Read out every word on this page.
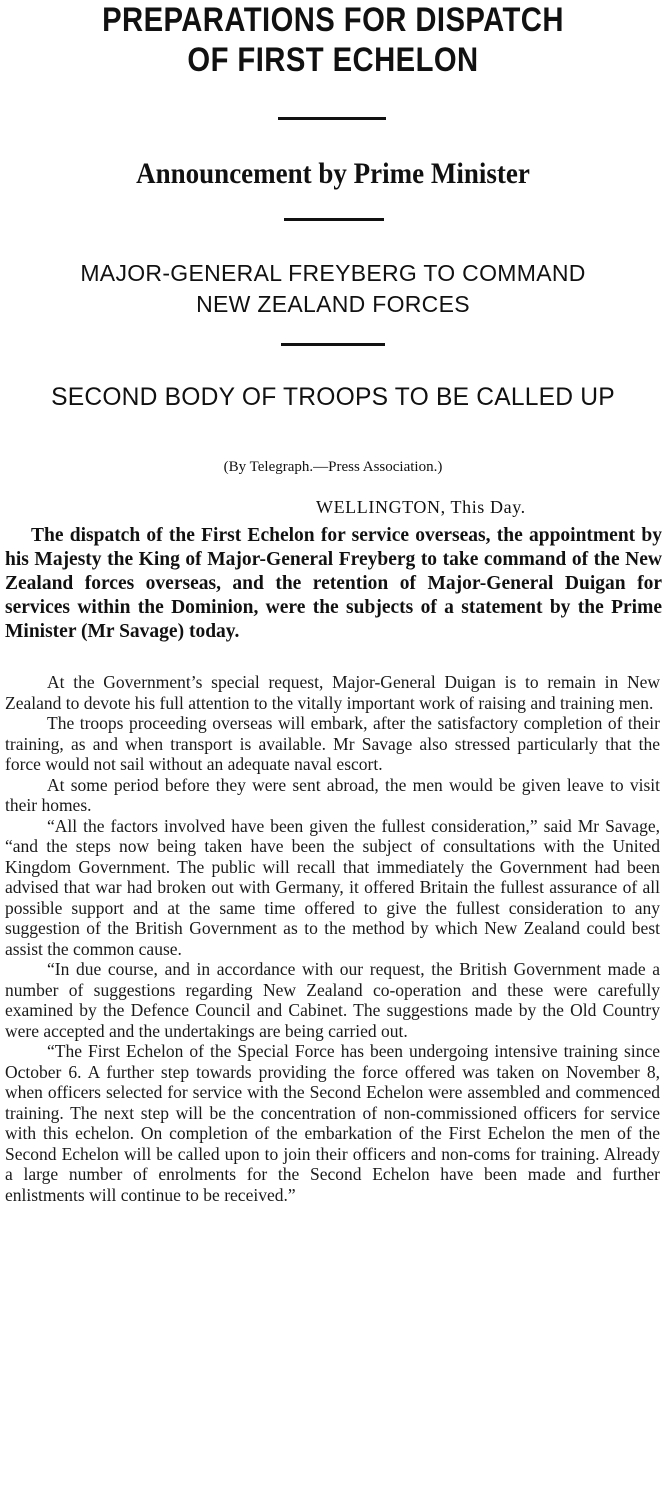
PREPARATIONS FOR DISPATCH
OF FIRST ECHELON
Announcement by Prime Minister
MAJOR-GENERAL FREYBERG TO COMMAND
NEW ZEALAND FORCES
SECOND BODY OF TROOPS TO BE CALLED UP
(By Telegraph.—Press Association.)
WELLINGTON, This Day.

The dispatch of the First Echelon for service overseas, the appointment by his Majesty the King of Major-General Freyberg to take command of the New Zealand forces overseas, and the retention of Major-General Duigan for services within the Dominion, were the subjects of a statement by the Prime Minister (Mr Savage) today.

At the Government’s special request, Major-General Duigan is to remain in New Zealand to devote his full attention to the vitally important work of raising and training men.

The troops proceeding overseas will embark, after the satisfactory completion of their training, as and when transport is available. Mr Savage also stressed particularly that the force would not sail without an adequate naval escort.

At some period before they were sent abroad, the men would be given leave to visit their homes.

“All the factors involved have been given the fullest consideration,” said Mr Savage, “and the steps now being taken have been the subject of consultations with the United Kingdom Government. The public will recall that immediately the Government had been advised that war had broken out with Germany, it offered Britain the fullest assurance of all possible support and at the same time offered to give the fullest consideration to any suggestion of the British Government as to the method by which New Zealand could best assist the common cause.

“In due course, and in accordance with our request, the British Government made a number of suggestions regarding New Zealand co-operation and these were carefully examined by the Defence Council and Cabinet. The suggestions made by the Old Country were accepted and the undertakings are being carried out.

“The First Echelon of the Special Force has been undergoing intensive training since October 6. A further step towards providing the force offered was taken on November 8, when officers selected for service with the Second Echelon were assembled and commenced training. The next step will be the concentration of non-commissioned officers for service with this echelon. On completion of the embarkation of the First Echelon the men of the Second Echelon will be called upon to join their officers and non-coms for training. Already a large number of enrolments for the Second Echelon have been made and further enlistments will continue to be received.”
